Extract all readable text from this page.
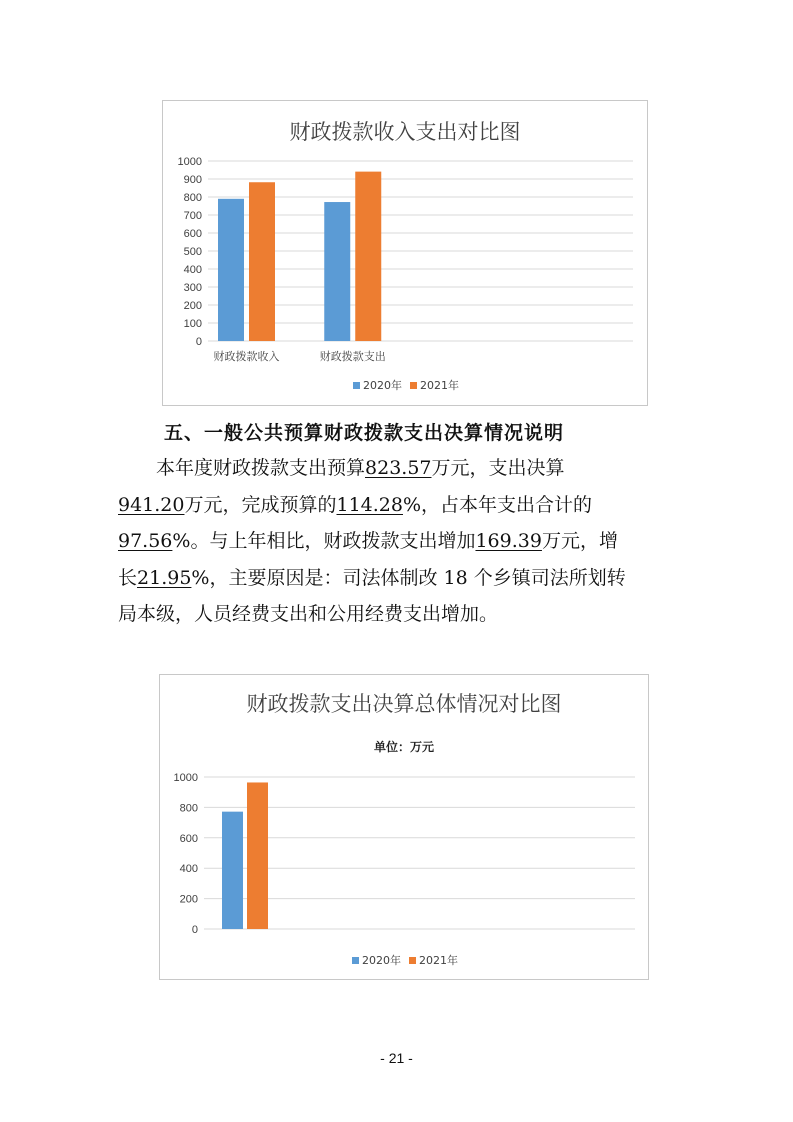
财政拨款收入支出对比图
0
100
200
300
400
500
600
700
800
900
1000
财政拨款收入	财政拨款支出
2020年 2021年
五、一般公共预算财政拨款支出决算情况说明
本年度财政拨款支出预算823.57万元，支出决算
941.20万元，完成预算的114.28%，占本年支出合计的
97.56%。与上年相比，财政拨款支出增加169.39万元，增
长21.95%，主要原因是：司法体制改 18 个乡镇司法所划转
局本级，人员经费支出和公用经费支出增加。
财政拨款支出决算总体情况对比图
单位：万元
0
200
400
600
800
1000
2020年 2021年
- 21 -
